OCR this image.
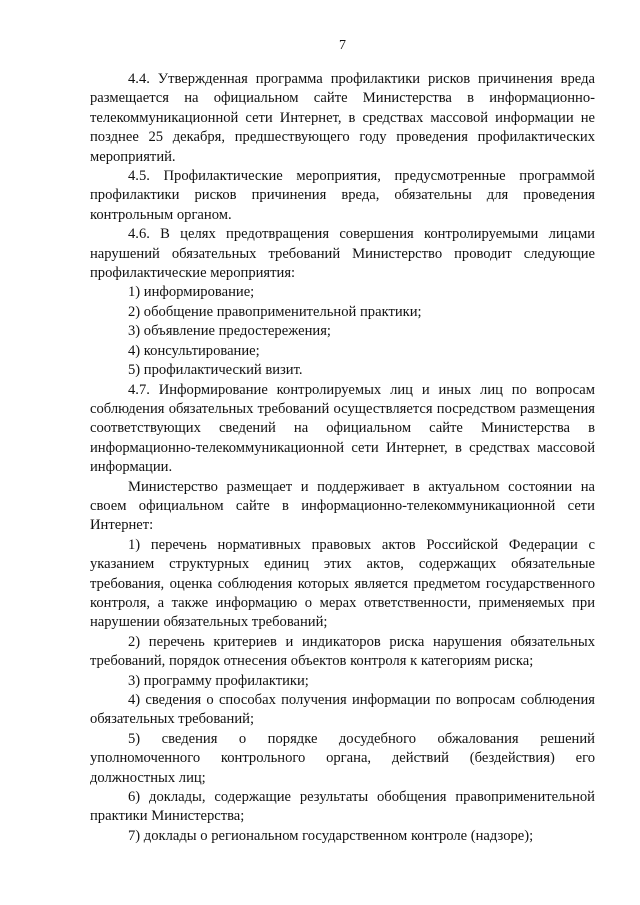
7

4.4. Утвержденная программа профилактики рисков причинения вреда размещается на официальном сайте Министерства в информационно-телекоммуникационной сети Интернет, в средствах массовой информации не позднее 25 декабря, предшествующего году проведения профилактических мероприятий.

4.5. Профилактические мероприятия, предусмотренные программой профилактики рисков причинения вреда, обязательны для проведения контрольным органом.

4.6. В целях предотвращения совершения контролируемыми лицами нарушений обязательных требований Министерство проводит следующие профилактические мероприятия:

1) информирование;

2) обобщение правоприменительной практики;

3) объявление предостережения;

4) консультирование;

5) профилактический визит.

4.7. Информирование контролируемых лиц и иных лиц по вопросам соблюдения обязательных требований осуществляется посредством размещения соответствующих сведений на официальном сайте Министерства в информационно-телекоммуникационной сети Интернет, в средствах массовой информации.

Министерство размещает и поддерживает в актуальном состоянии на своем официальном сайте в информационно-телекоммуникационной сети Интернет:

1) перечень нормативных правовых актов Российской Федерации с указанием структурных единиц этих актов, содержащих обязательные требования, оценка соблюдения которых является предметом государственного контроля, а также информацию о мерах ответственности, применяемых при нарушении обязательных требований;

2) перечень критериев и индикаторов риска нарушения обязательных требований, порядок отнесения объектов контроля к категориям риска;

3) программу профилактики;

4) сведения о способах получения информации по вопросам соблюдения обязательных требований;

5) сведения о порядке досудебного обжалования решений уполномоченного контрольного органа, действий (бездействия) его должностных лиц;

6) доклады, содержащие результаты обобщения правоприменительной практики Министерства;

7) доклады о региональном государственном контроле (надзоре);
